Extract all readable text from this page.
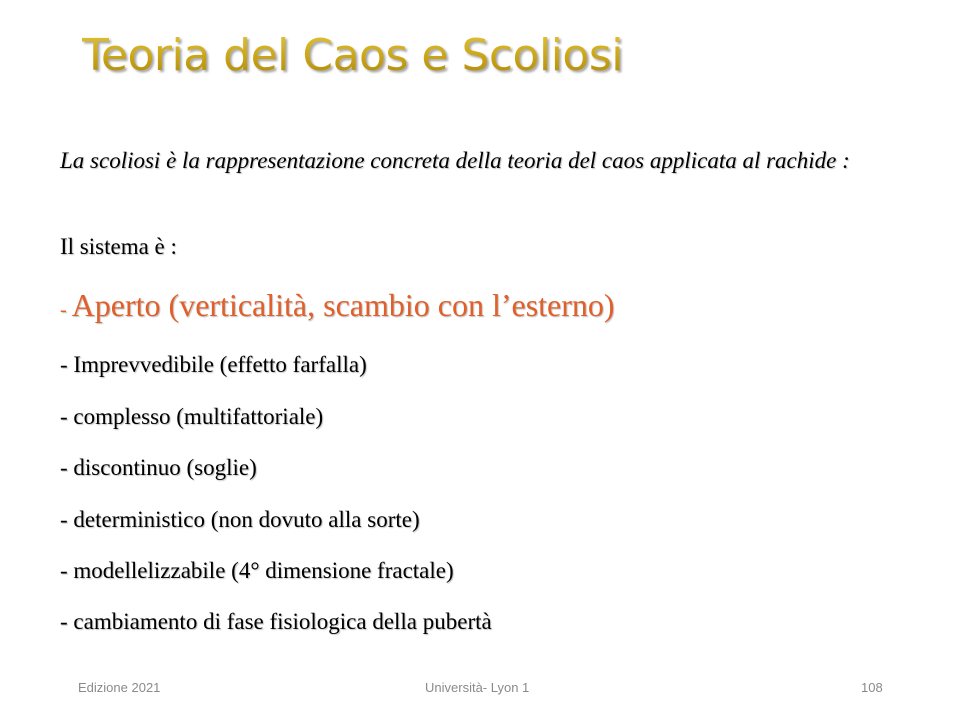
Teoria del Caos e Scoliosi

La scoliosi è la rappresentazione concreta della teoria del caos applicata al rachide :

Il sistema è :

- Aperto (verticalità, scambio con l’esterno)
- Imprevvedibile (effetto farfalla)
- complesso (multifattoriale)
- discontinuo (soglie)
- deterministico (non dovuto alla sorte)
- modellelizzabile (4° dimensione fractale)
- cambiamento di fase fisiologica della pubertà
Edizione 2021	Università- Lyon 1	108
